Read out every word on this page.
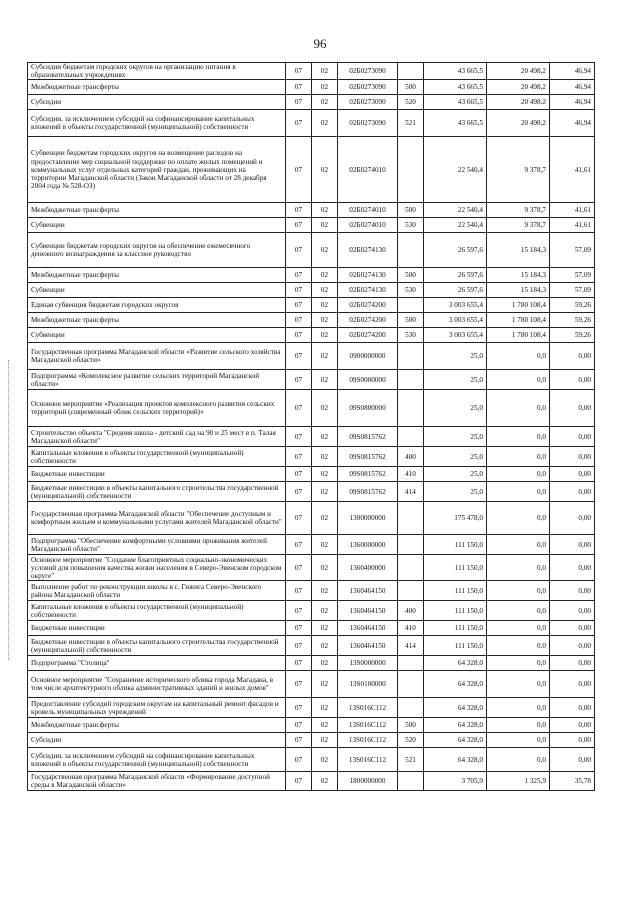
96
Субсидии бюджетам городских округов на организацию питания в образовательных учреждениях	07	02	02Б0273090		43 665,5	20 498,2	46,94
Межбюджетные трансферты	07	02	02Б0273090	500	43 665,5	20 498,2	46,94
Субсидии	07	02	02Б0273090	520	43 665,5	20 498,2	46,94
Субсидии, за исключением субсидий на софинансирование капитальных вложений в объекты государственной (муниципальной) собственности	07	02	02Б0273090	521	43 665,5	20 498,2	46,94
Субвенции бюджетам городских округов на возмещение расходов на предоставление мер социальной поддержки по оплате жилых помещений и коммунальных услуг отдельных категорий граждан, проживающих на территории Магаданской области (Закон Магаданской области от 28 декабря 2004 года № 528-ОЗ)	07	02	02Б0274010		22 540,4	9 378,7	41,61
Межбюджетные трансферты	07	02	02Б0274010	500	22 540,4	9 378,7	41,61
Субвенции	07	02	02Б0274010	530	22 540,4	9 378,7	41,61
Субвенции бюджетам городских округов на обеспечение ежемесячного денежного вознаграждения за классное руководство	07	02	02Б0274130		26 597,6	15 184,3	57,09
Межбюджетные трансферты	07	02	02Б0274130	500	26 597,6	15 184,3	57,09
Субвенции	07	02	02Б0274130	530	26 597,6	15 184,3	57,09
Единая субвенция бюджетам городских округов	07	02	02Б0274200		3 003 655,4	1 780 108,4	59,26
Межбюджетные трансферты	07	02	02Б0274200	500	3 003 655,4	1 780 108,4	59,26
Субвенции	07	02	02Б0274200	530	3 003 655,4	1 780 108,4	59,26
Государственная программа Магаданской области «Развитие сельского хозяйства Магаданской области»	07	02	0900000000		25,0	0,0	0,00
Подпрограмма «Комплексное развитие сельских территорий Магаданской области»	07	02	09S0000000		25,0	0,0	0,00
Основное мероприятие «Реализация проектов комплексного развития сельских территорий (современный облик сельских территорий)»	07	02	09S0800000		25,0	0,0	0,00
Строительство объекта "Средняя школа - детский сад на 90 и 25 мест в п. Талая Магаданской области"	07	02	09S0815762		25,0	0,0	0,00
Капитальные вложения в объекты государственной (муниципальной) собственности	07	02	09S0815762	400	25,0	0,0	0,00
Бюджетные инвестиции	07	02	09S0815762	410	25,0	0,0	0,00
Бюджетные инвестиции в объекты капитального строительства государственной (муниципальной) собственности	07	02	09S0815762	414	25,0	0,0	0,00
Государственная программа Магаданской области "Обеспечение доступным и комфортным жильем и коммунальными услугами жителей Магаданской области"	07	02	1300000000		175 478,0	0,0	0,00
Подпрограмма "Обеспечение комфортными условиями проживания жителей Магаданской области"	07	02	1360000000		111 150,0	0,0	0,00
Основное мероприятие "Создание благоприятных социально-экономических условий для повышения качества жизни населения в Северо-Эвенском городском округе"	07	02	1360400000		111 150,0	0,0	0,00
Выполнение работ по реконструкции школы в с. Гижига Северо-Эвенского района Магаданской области	07	02	1360464150		111 150,0	0,0	0,00
Капитальные вложения в объекты государственной (муниципальной) собственности	07	02	1360464150	400	111 150,0	0,0	0,00
Бюджетные инвестиции	07	02	1360464150	410	111 150,0	0,0	0,00
Бюджетные инвестиции в объекты капитального строительства государственной (муниципальной) собственности	07	02	1360464150	414	111 150,0	0,0	0,00
Подпрограмма "Столица"	07	02	13S0000000		64 328,0	0,0	0,00
Основное мероприятие "Сохранение исторического облика города Магадана, в том числе архитектурного облика административных зданий и жилых домов"	07	02	13S0100000		64 328,0	0,0	0,00
Предоставление субсидий городским округам на капитальный ремонт фасадов и кровель муниципальных учреждений	07	02	13S016C112		64 328,0	0,0	0,00
Межбюджетные трансферты	07	02	13S016C112	500	64 328,0	0,0	0,00
Субсидии	07	02	13S016C112	520	64 328,0	0,0	0,00
Субсидии, за исключением субсидий на софинансирование капитальных вложений в объекты государственной (муниципальной) собственности	07	02	13S016C112	521	64 328,0	0,0	0,00
Государственная программа Магаданской области «Формирование доступной среды в Магаданской области»	07	02	1800000000		3 705,9	1 325,9	35,78
